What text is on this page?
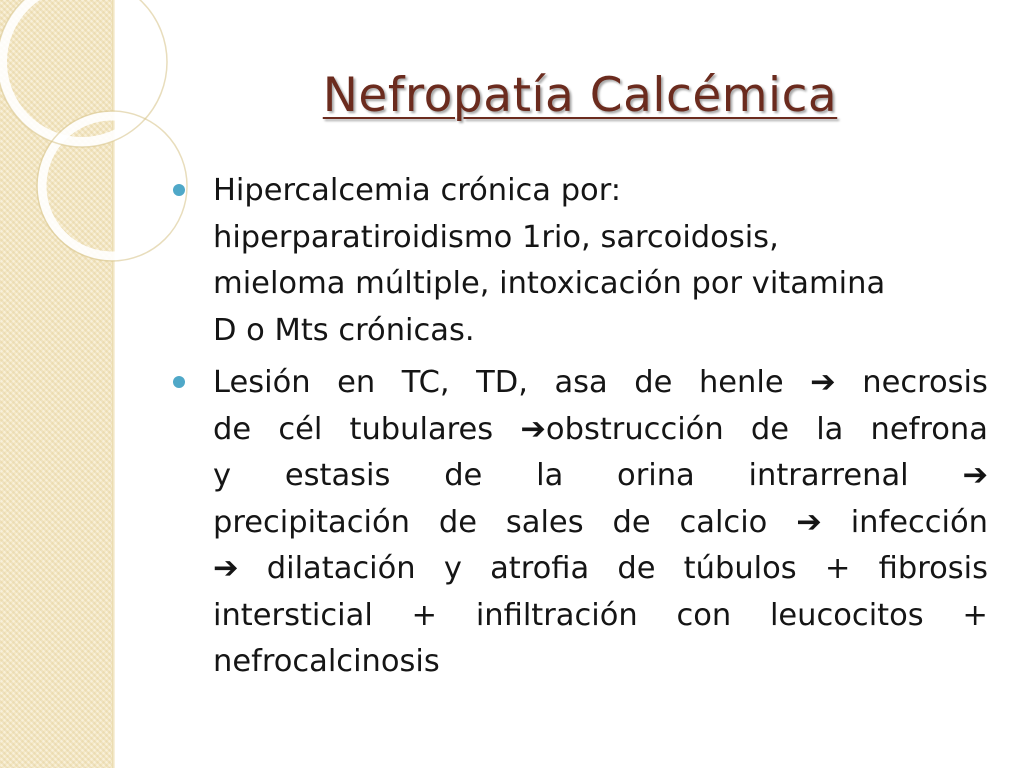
Nefropatía Calcémica
Hipercalcemia crónica por:
hiperparatiroidismo 1rio, sarcoidosis,
mieloma múltiple, intoxicación por vitamina
D o Mts crónicas.
Lesión en TC, TD, asa de henle ➔ necrosis
de cél tubulares ➔obstrucción de la nefrona
y estasis de la orina intrarrenal ➔
precipitación de sales de calcio ➔ infección
➔ dilatación y atrofia de túbulos + fibrosis
intersticial + infiltración con leucocitos +
nefrocalcinosis
